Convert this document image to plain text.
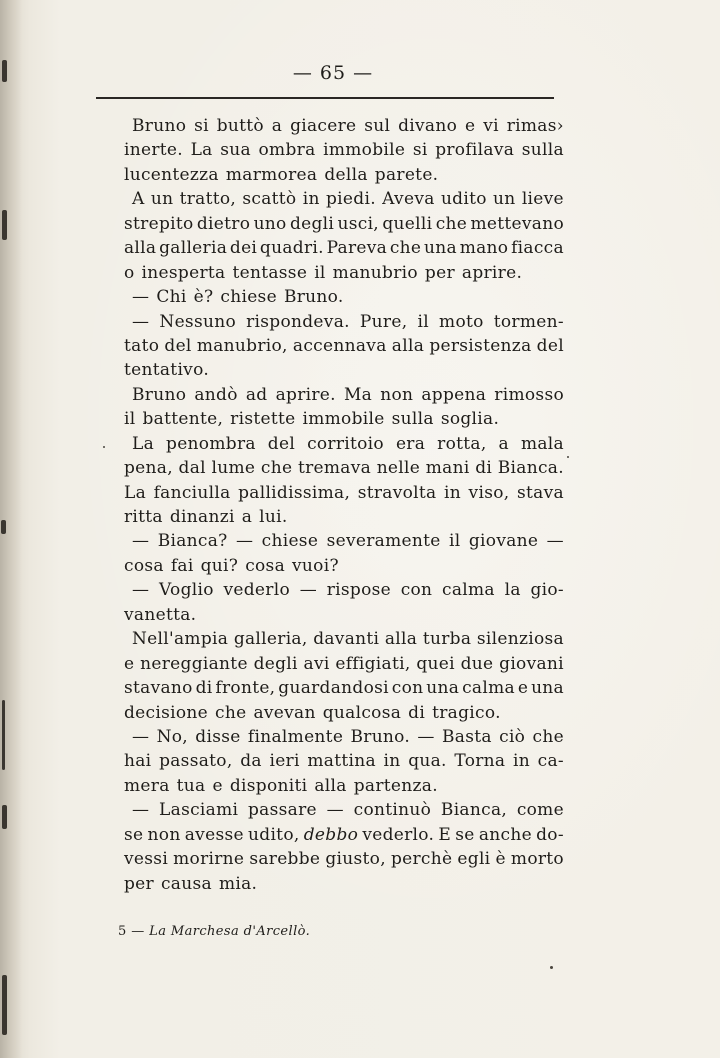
— 65 —
Bruno si buttò a giacere sul divano e vi rimas›
inerte. La sua ombra immobile si profilava sulla
lucentezza marmorea della parete.
A un tratto, scattò in piedi. Aveva udito un lieve
strepito dietro uno degli usci, quelli che mettevano
alla galleria dei quadri. Pareva che una mano fiacca
o inesperta tentasse il manubrio per aprire.
— Chi è? chiese Bruno.
— Nessuno rispondeva. Pure, il moto tormen-
tato del manubrio, accennava alla persistenza del
tentativo.
Bruno andò ad aprire. Ma non appena rimosso
il battente, ristette immobile sulla soglia.
La penombra del corritoio era rotta, a mala
pena, dal lume che tremava nelle mani di Bianca.
La fanciulla pallidissima, stravolta in viso, stava
ritta dinanzi a lui.
— Bianca? — chiese severamente il giovane —
cosa fai qui? cosa vuoi?
— Voglio vederlo — rispose con calma la gio-
vanetta.
Nell'ampia galleria, davanti alla turba silenziosa
e nereggiante degli avi effigiati, quei due giovani
stavano di fronte, guardandosi con una calma e una
decisione che avevan qualcosa di tragico.
— No, disse finalmente Bruno. — Basta ciò che
hai passato, da ieri mattina in qua. Torna in ca-
mera tua e disponiti alla partenza.
— Lasciami passare — continuò Bianca, come
se non avesse udito, debbo vederlo. E se anche do-
vessi morirne sarebbe giusto, perchè egli è morto
per causa mia.
5 — La Marchesa d'Arcellò.
